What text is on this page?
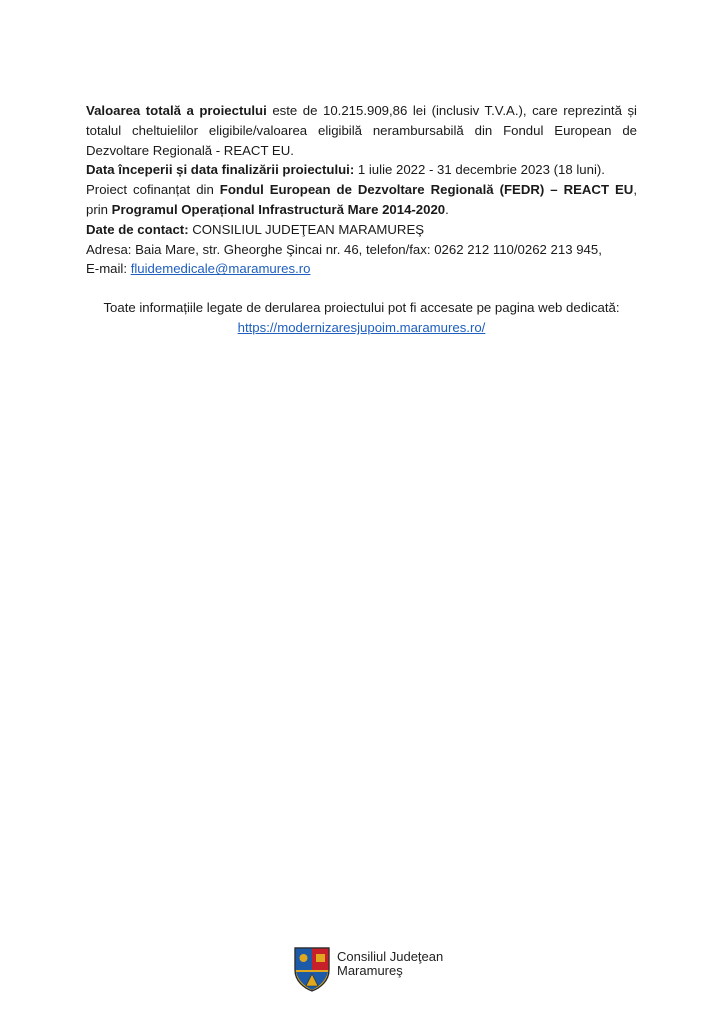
Valoarea totală a proiectului este de 10.215.909,86 lei (inclusiv T.V.A.), care reprezintă și totalul cheltuielilor eligibile/valoarea eligibilă nerambursabilă din Fondul European de Dezvoltare Regională - REACT EU.

Data începerii și data finalizării proiectului: 1 iulie 2022 - 31 decembrie 2023 (18 luni).

Proiect cofinanțat din Fondul European de Dezvoltare Regională (FEDR) – REACT EU, prin Programul Operațional Infrastructură Mare 2014-2020.

Date de contact: CONSILIUL JUDEŢEAN MARAMUREŞ

Adresa: Baia Mare, str. Gheorghe Şincai nr. 46, telefon/fax: 0262 212 110/0262 213 945,

E-mail: fluidemedicale@maramures.ro

Toate informațiile legate de derularea proiectului pot fi accesate pe pagina web dedicată:

https://modernizaresjupoim.maramures.ro/

Consiliul Judeţean
Maramureş
